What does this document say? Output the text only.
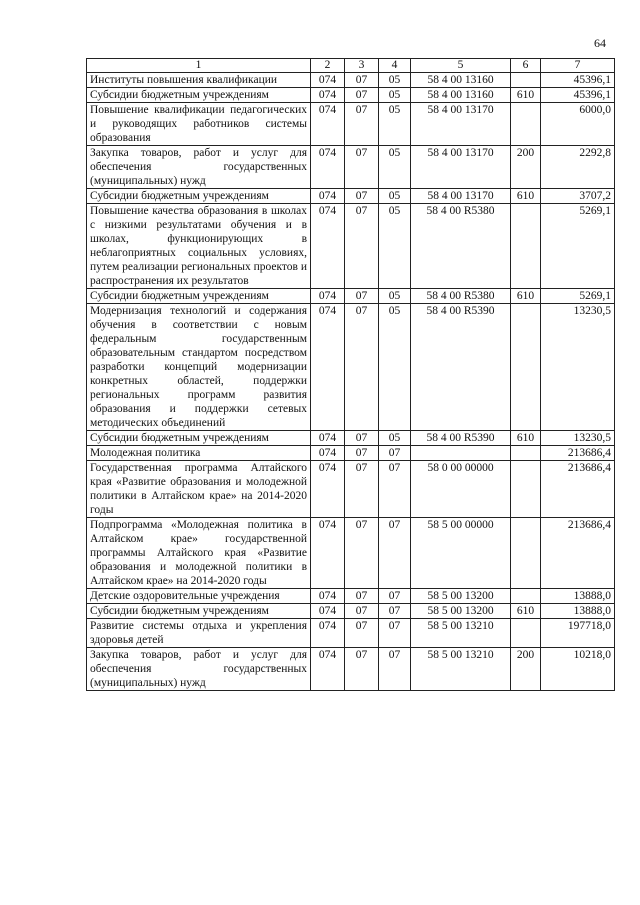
64
1	2	3	4	5	6	7
Институты повышения квалификации	074	07	05	58 4 00 13160		45396,1
Субсидии бюджетным учреждениям	074	07	05	58 4 00 13160	610	45396,1
Повышение квалификации педагогических и руководящих работников системы образования	074	07	05	58 4 00 13170		6000,0
Закупка товаров, работ и услуг для обеспечения государственных (муниципальных) нужд	074	07	05	58 4 00 13170	200	2292,8
Субсидии бюджетным учреждениям	074	07	05	58 4 00 13170	610	3707,2
Повышение качества образования в школах с низкими результатами обучения и в школах, функционирующих в неблагоприятных социальных условиях, путем реализации региональных проектов и распространения их результатов	074	07	05	58 4 00 R5380		5269,1
Субсидии бюджетным учреждениям	074	07	05	58 4 00 R5380	610	5269,1
Модернизация технологий и содержания обучения в соответствии с новым федеральным государственным образовательным стандартом посредством разработки концепций модернизации конкретных областей, поддержки региональных программ развития образования и поддержки сетевых методических объединений	074	07	05	58 4 00 R5390		13230,5
Субсидии бюджетным учреждениям	074	07	05	58 4 00 R5390	610	13230,5
Молодежная политика	074	07	07			213686,4
Государственная программа Алтайского края «Развитие образования и молодежной политики в Алтайском крае» на 2014-2020 годы	074	07	07	58 0 00 00000		213686,4
Подпрограмма «Молодежная политика в Алтайском крае» государственной программы Алтайского края «Развитие образования и молодежной политики в Алтайском крае» на 2014-2020 годы	074	07	07	58 5 00 00000		213686,4
Детские оздоровительные учреждения	074	07	07	58 5 00 13200		13888,0
Субсидии бюджетным учреждениям	074	07	07	58 5 00 13200	610	13888,0
Развитие системы отдыха и укрепления здоровья детей	074	07	07	58 5 00 13210		197718,0
Закупка товаров, работ и услуг для обеспечения государственных (муниципальных) нужд	074	07	07	58 5 00 13210	200	10218,0
